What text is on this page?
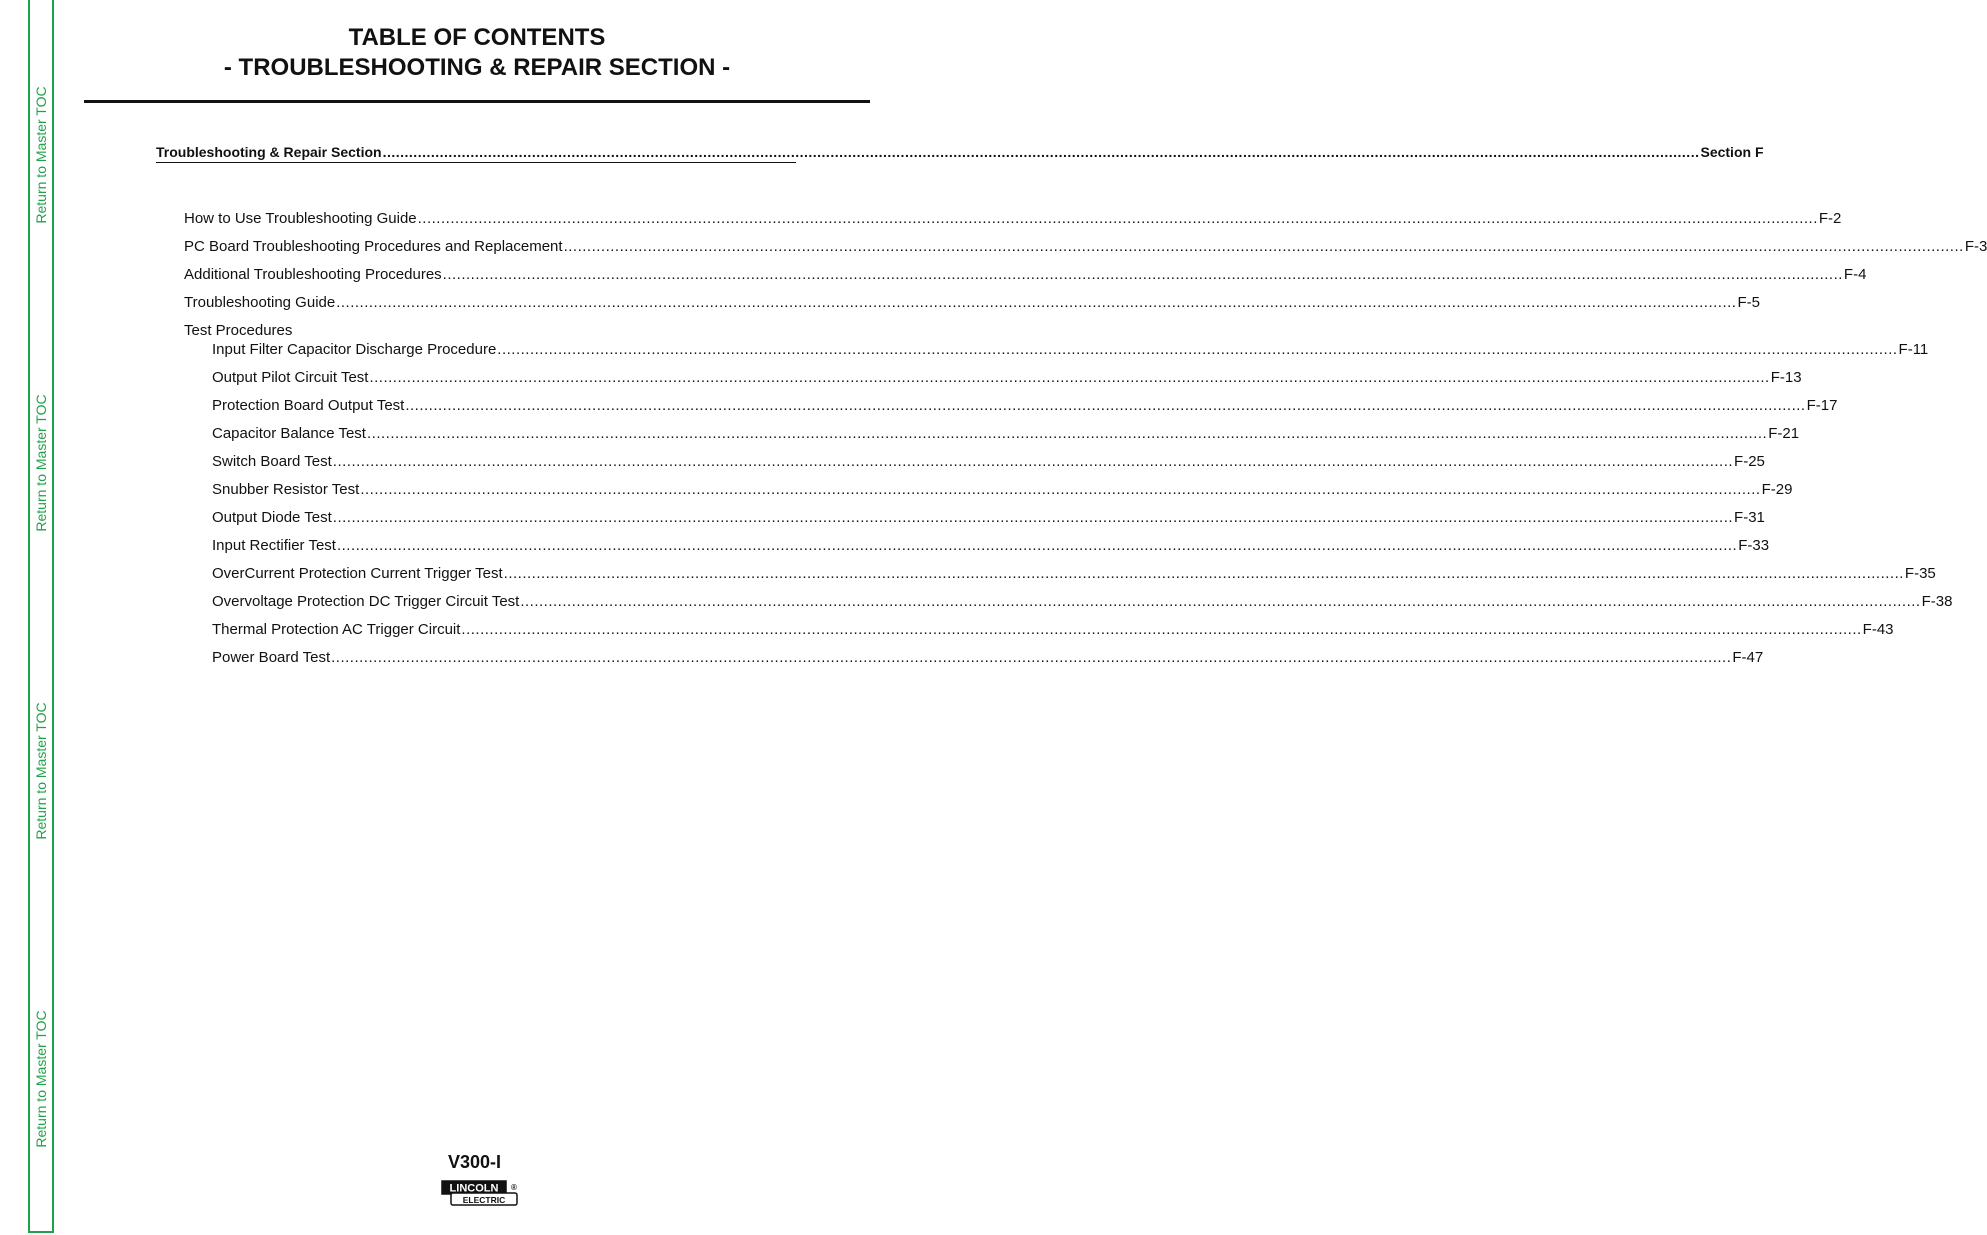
Return to Master TOC
Return to Master TOC
Return to Master TOC
Return to Master TOC
TABLE OF CONTENTS
- TROUBLESHOOTING & REPAIR SECTION -
Troubleshooting & Repair Section ............................................................................................................................................................................................................................................................................................................ Section F
How to Use Troubleshooting Guide ............................................................................................................................................................................................................................................................................................................ F-2
PC Board Troubleshooting Procedures and Replacement ............................................................................................................................................................................................................................................................................................................ F-3
Additional Troubleshooting Procedures ............................................................................................................................................................................................................................................................................................................ F-4
Troubleshooting Guide ............................................................................................................................................................................................................................................................................................................ F-5
Test Procedures
Input Filter Capacitor Discharge Procedure ............................................................................................................................................................................................................................................................................................................ F-11
Output Pilot Circuit Test ............................................................................................................................................................................................................................................................................................................ F-13
Protection Board Output Test ............................................................................................................................................................................................................................................................................................................ F-17
Capacitor Balance Test ............................................................................................................................................................................................................................................................................................................ F-21
Switch Board Test ............................................................................................................................................................................................................................................................................................................ F-25
Snubber Resistor Test ............................................................................................................................................................................................................................................................................................................ F-29
Output Diode Test ............................................................................................................................................................................................................................................................................................................ F-31
Input Rectifier Test ............................................................................................................................................................................................................................................................................................................ F-33
OverCurrent Protection Current Trigger Test ............................................................................................................................................................................................................................................................................................................ F-35
Overvoltage Protection DC Trigger Circuit Test ............................................................................................................................................................................................................................................................................................................ F-38
Thermal Protection AC Trigger Circuit ............................................................................................................................................................................................................................................................................................................ F-43
Power Board Test ............................................................................................................................................................................................................................................................................................................ F-47
V300-I
LINCOLN
ELECTRIC
®
